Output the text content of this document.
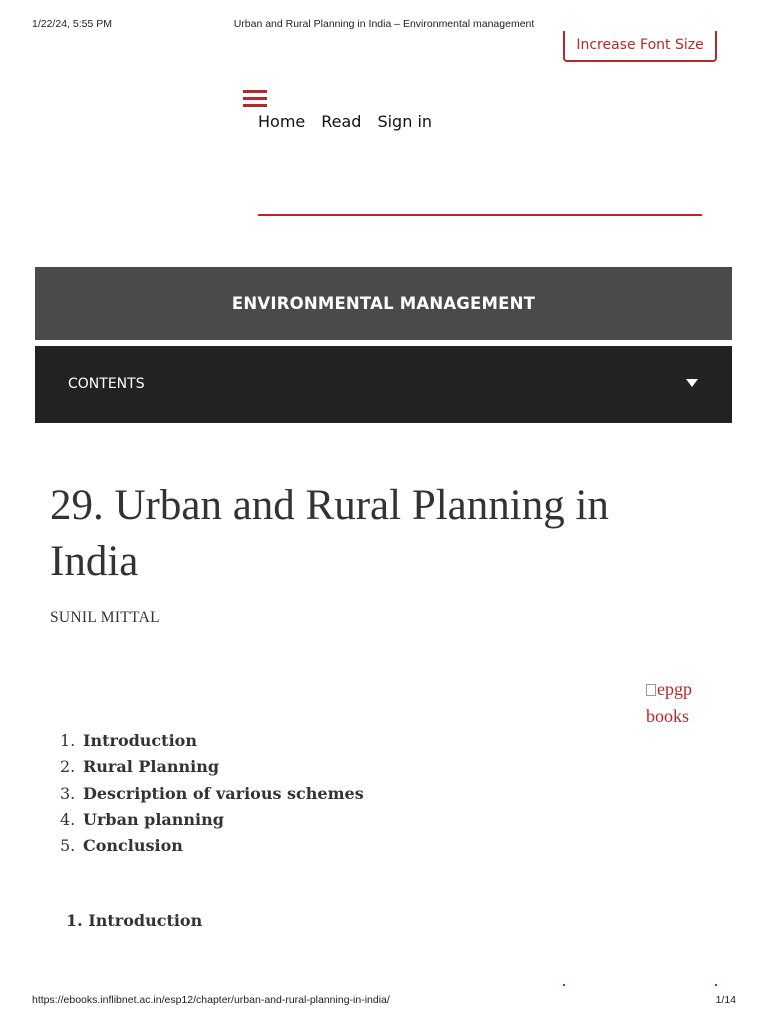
1/22/24, 5:55 PM	Urban and Rural Planning in India – Environmental management
Increase Font Size
Home Read Sign in
ENVIRONMENTAL MANAGEMENT
CONTENTS
29. Urban and Rural Planning in India
SUNIL MITTAL
epgp books
1. Introduction
2. Rural Planning
3. Description of various schemes
4. Urban planning
5. Conclusion
1. Introduction
https://ebooks.inflibnet.ac.in/esp12/chapter/urban-and-rural-planning-in-india/	1/14
